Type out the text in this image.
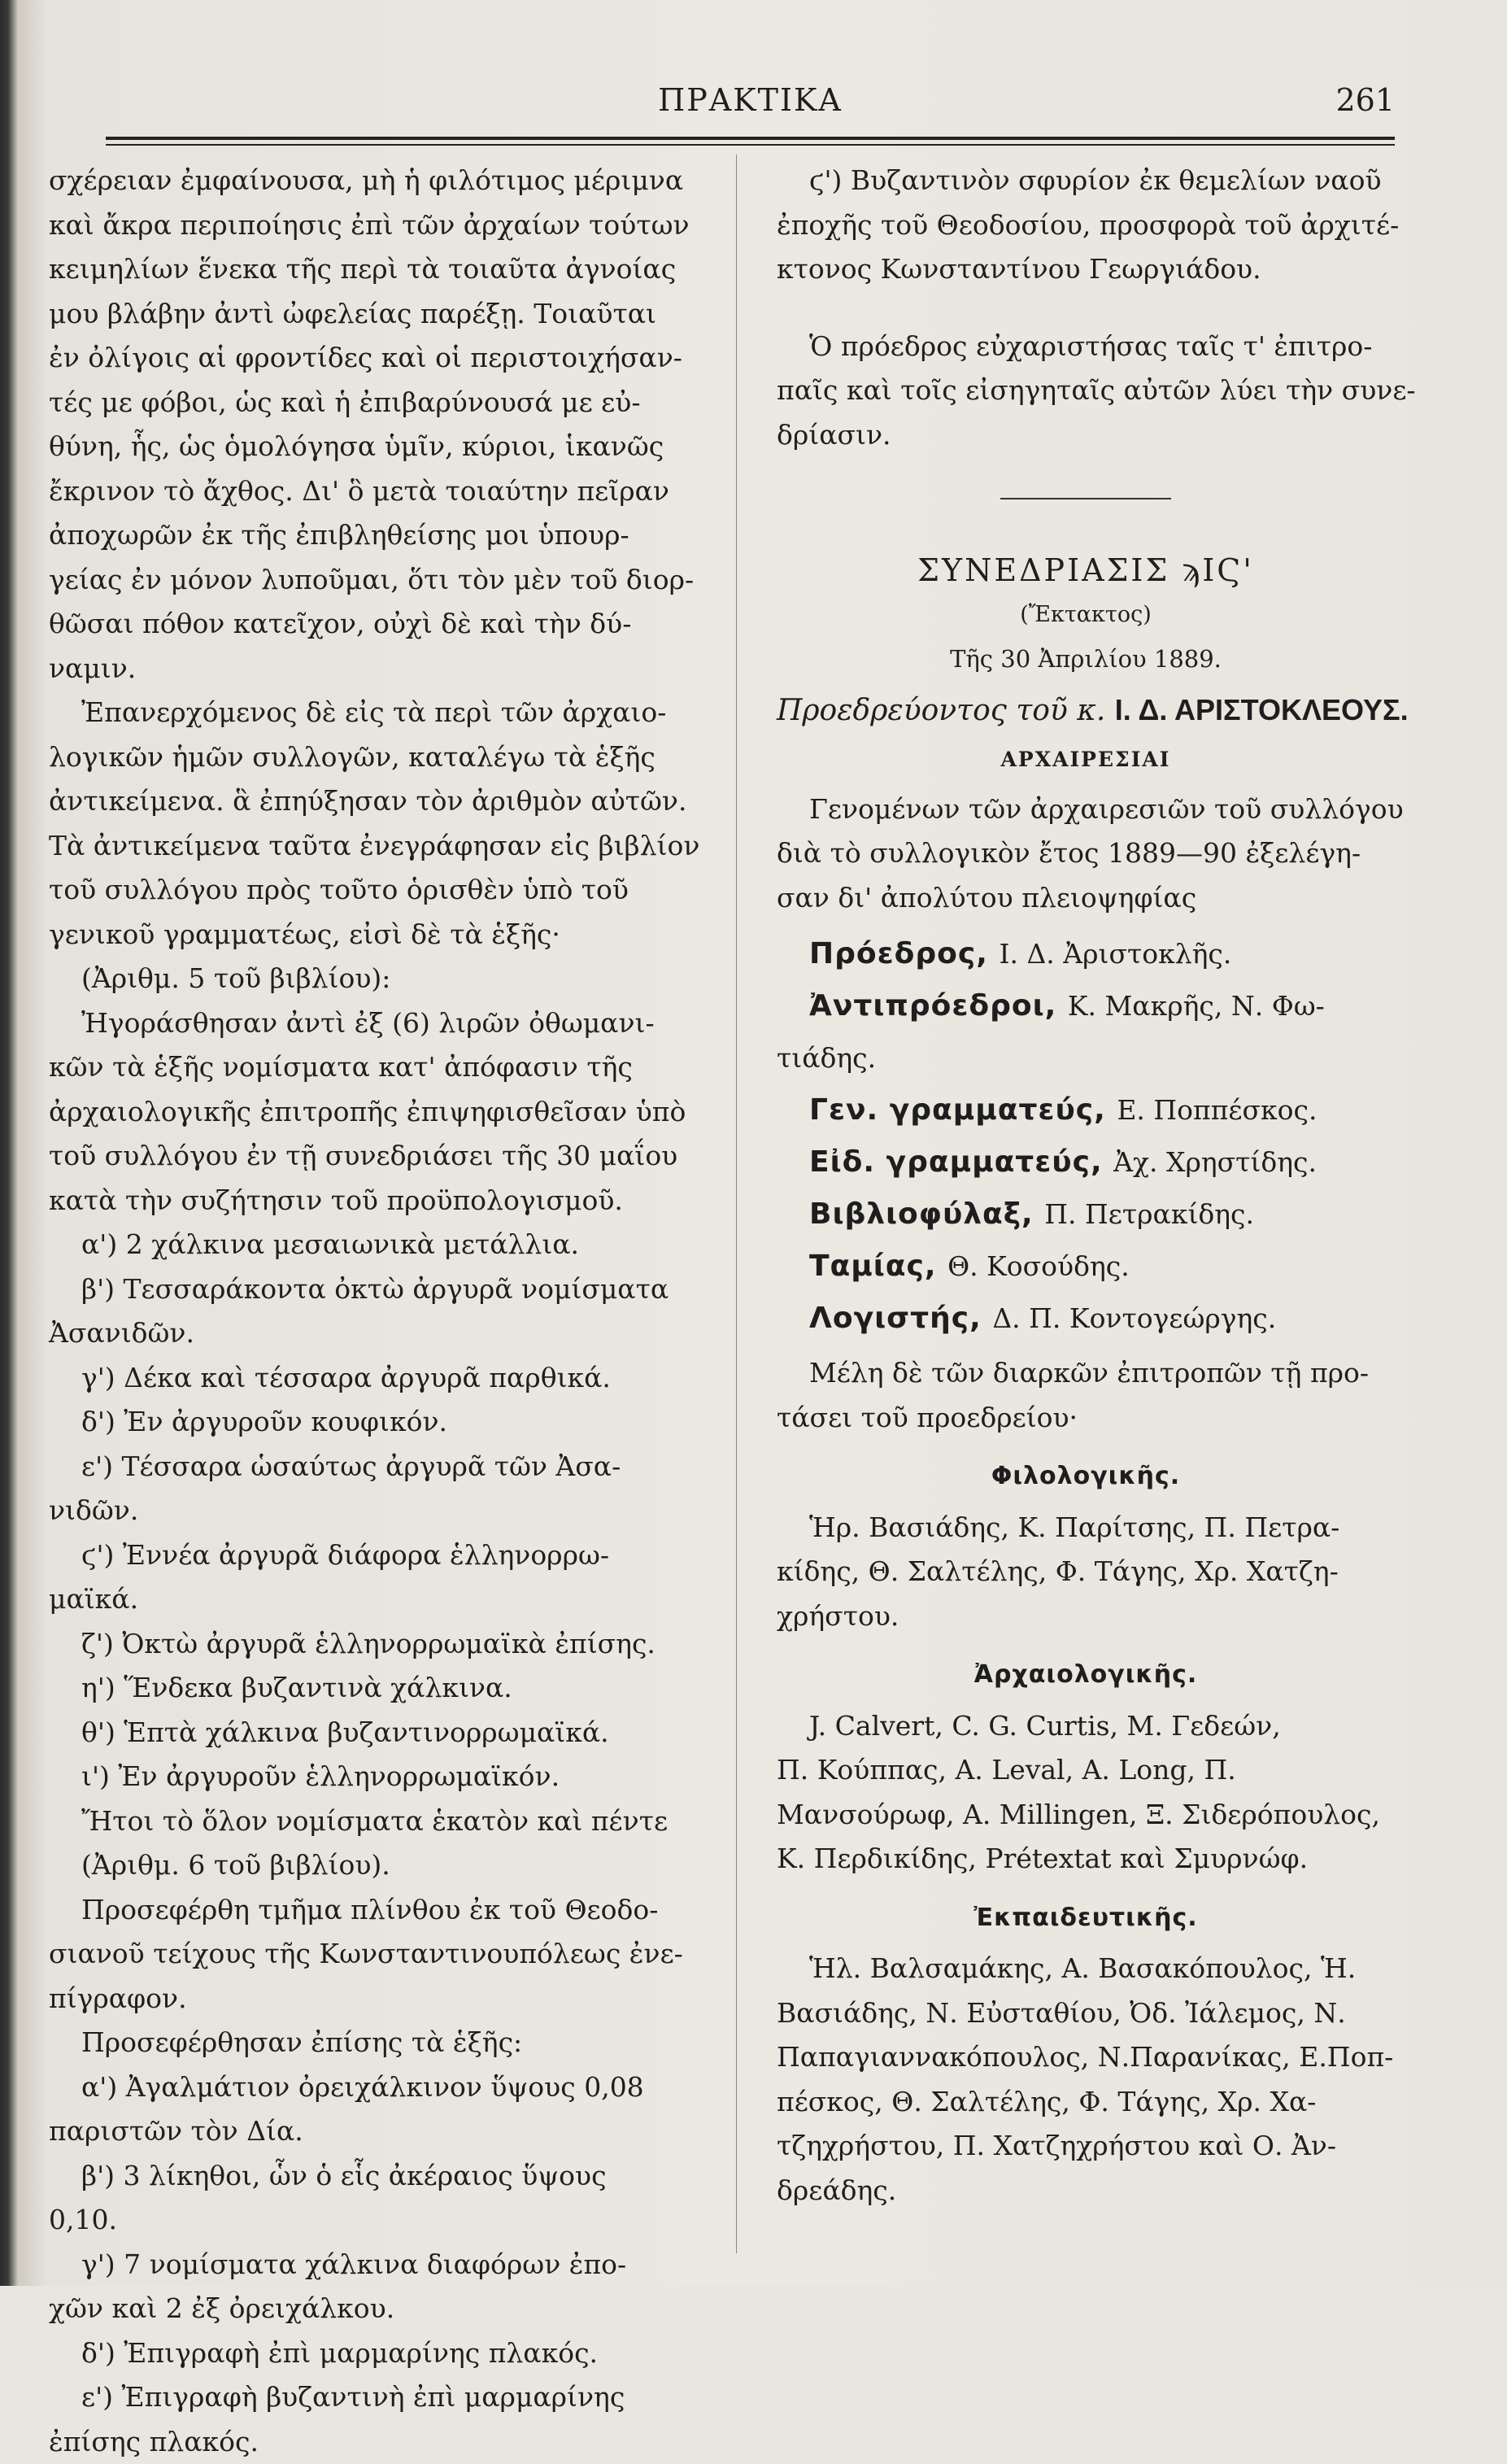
ΠΡΑΚΤΙΚΑ	261
σχέρειαν ἐμφαίνουσα, μὴ ἡ φιλότιμος μέριμνα
καὶ ἄκρα περιποίησις ἐπὶ τῶν ἀρχαίων τούτων
κειμηλίων ἕνεκα τῆς περὶ τὰ τοιαῦτα ἀγνοίας
μου βλάβην ἀντὶ ὠφελείας παρέξῃ. Τοιαῦται
ἐν ὀλίγοις αἱ φροντίδες καὶ οἱ περιστοιχήσαν-
τές με φόβοι, ὡς καὶ ἡ ἐπιβαρύνουσά με εὐ-
θύνη, ἧς, ὡς ὁμολόγησα ὑμῖν, κύριοι, ἱκανῶς
ἔκρινον τὸ ἄχθος. Δι' ὃ μετὰ τοιαύτην πεῖραν
ἀποχωρῶν ἐκ τῆς ἐπιβληθείσης μοι ὑπουρ-
γείας ἐν μόνον λυποῦμαι, ὅτι τὸν μὲν τοῦ διορ-
θῶσαι πόθον κατεῖχον, οὐχὶ δὲ καὶ τὴν δύ-
ναμιν.
Ἐπανερχόμενος δὲ εἰς τὰ περὶ τῶν ἀρχαιο-
λογικῶν ἡμῶν συλλογῶν, καταλέγω τὰ ἑξῆς
ἀντικείμενα. ἃ ἐπηύξησαν τὸν ἀριθμὸν αὐτῶν.
Τὰ ἀντικείμενα ταῦτα ἐνεγράφησαν εἰς βιβλίον
τοῦ συλλόγου πρὸς τοῦτο ὁρισθὲν ὑπὸ τοῦ
γενικοῦ γραμματέως, εἰσὶ δὲ τὰ ἑξῆς·
(Ἀριθμ. 5 τοῦ βιβλίου):
Ἠγοράσθησαν ἀντὶ ἐξ (6) λιρῶν ὀθωμανι-
κῶν τὰ ἑξῆς νομίσματα κατ' ἀπόφασιν τῆς
ἀρχαιολογικῆς ἐπιτροπῆς ἐπιψηφισθεῖσαν ὑπὸ
τοῦ συλλόγου ἐν τῇ συνεδριάσει τῆς 30 μαΐου
κατὰ τὴν συζήτησιν τοῦ προϋπολογισμοῦ.
α') 2 χάλκινα μεσαιωνικὰ μετάλλια.
β') Τεσσαράκοντα ὀκτὼ ἀργυρᾶ νομίσματα
Ἀσανιδῶν.
γ') Δέκα καὶ τέσσαρα ἀργυρᾶ παρθικά.
δ') Ἐν ἀργυροῦν κουφικόν.
ε') Τέσσαρα ὡσαύτως ἀργυρᾶ τῶν Ἀσα-
νιδῶν.
ϛ') Ἐννέα ἀργυρᾶ διάφορα ἑλληνορρω-
μαϊκά.
ζ') Ὀκτὼ ἀργυρᾶ ἑλληνορρωμαϊκὰ ἐπίσης.
η') Ἕνδεκα βυζαντινὰ χάλκινα.
θ') Ἑπτὰ χάλκινα βυζαντινορρωμαϊκά.
ι') Ἐν ἀργυροῦν ἑλληνορρωμαϊκόν.
Ἤτοι τὸ ὅλον νομίσματα ἑκατὸν καὶ πέντε
(Ἀριθμ. 6 τοῦ βιβλίου).
Προσεφέρθη τμῆμα πλίνθου ἐκ τοῦ Θεοδο-
σιανοῦ τείχους τῆς Κωνσταντινουπόλεως ἐνε-
πίγραφον.
Προσεφέρθησαν ἐπίσης τὰ ἑξῆς:
α') Ἀγαλμάτιον ὀρειχάλκινον ὕψους 0,08
παριστῶν τὸν Δία.
β') 3 λίκηθοι, ὧν ὁ εἷς ἀκέραιος ὕψους
0,10.
γ') 7 νομίσματα χάλκινα διαφόρων ἐπο-
χῶν καὶ 2 ἐξ ὀρειχάλκου.
δ') Ἐπιγραφὴ ἐπὶ μαρμαρίνης πλακός.
ε') Ἐπιγραφὴ βυζαντινὴ ἐπὶ μαρμαρίνης
ἐπίσης πλακός.
ϛ') Βυζαντινὸν σφυρίον ἐκ θεμελίων ναοῦ
ἐποχῆς τοῦ Θεοδοσίου, προσφορὰ τοῦ ἀρχιτέ-
κτονος Κωνσταντίνου Γεωργιάδου.
Ὁ πρόεδρος εὐχαριστήσας ταῖς τ' ἐπιτρο-
παῖς καὶ τοῖς εἰσηγηταῖς αὐτῶν λύει τὴν συνε-
δρίασιν.
ΣΥΝΕΔΡΙΑΣΙΣ ϡΙϚ'
(Ἔκτακτος)
Τῆς 30 Ἀπριλίου 1889.
Προεδρεύοντος τοῦ κ. Ι. Δ. ΑΡΙΣΤΟΚΛΕΟΥΣ.
ΑΡΧΑΙΡΕΣΙΑΙ
Γενομένων τῶν ἀρχαιρεσιῶν τοῦ συλλόγου
διὰ τὸ συλλογικὸν ἔτος 1889—90 ἐξελέγη-
σαν δι' ἀπολύτου πλειοψηφίας
Πρόεδρος, Ι. Δ. Ἀριστοκλῆς.
Ἀντιπρόεδροι, Κ. Μακρῆς, Ν. Φω-
τιάδης.
Γεν. γραμματεύς, Ε. Ποππέσκος.
Εἰδ. γραμματεύς, Ἀχ. Χρηστίδης.
Βιβλιοφύλαξ, Π. Πετρακίδης.
Ταμίας, Θ. Κοσούδης.
Λογιστής, Δ. Π. Κοντογεώργης.
Μέλη δὲ τῶν διαρκῶν ἐπιτροπῶν τῇ προ-
τάσει τοῦ προεδρείου·
Φιλολογικῆς.
Ἡρ. Βασιάδης, Κ. Παρίτσης, Π. Πετρα-
κίδης, Θ. Σαλτέλης, Φ. Τάγης, Χρ. Χατζη-
χρήστου.
Ἀρχαιολογικῆς.
J. Calvert, C. G. Curtis, M. Γεδεών,
Π. Κούππας, A. Leval, A. Long, Π.
Μανσούρωφ, A. Millingen, Ξ. Σιδερόπουλος,
Κ. Περδικίδης, Prétextat καὶ Σμυρνώφ.
Ἐκπαιδευτικῆς.
Ἡλ. Βαλσαμάκης, Α. Βασακόπουλος, Ἡ.
Βασιάδης, Ν. Εὐσταθίου, Ὀδ. Ἰάλεμος, Ν.
Παπαγιαννακόπουλος, Ν.Παρανίκας, Ε.Ποπ-
πέσκος, Θ. Σαλτέλης, Φ. Τάγης, Χρ. Χα-
τζηχρήστου, Π. Χατζηχρήστου καὶ Ο. Ἀν-
δρεάδης.
